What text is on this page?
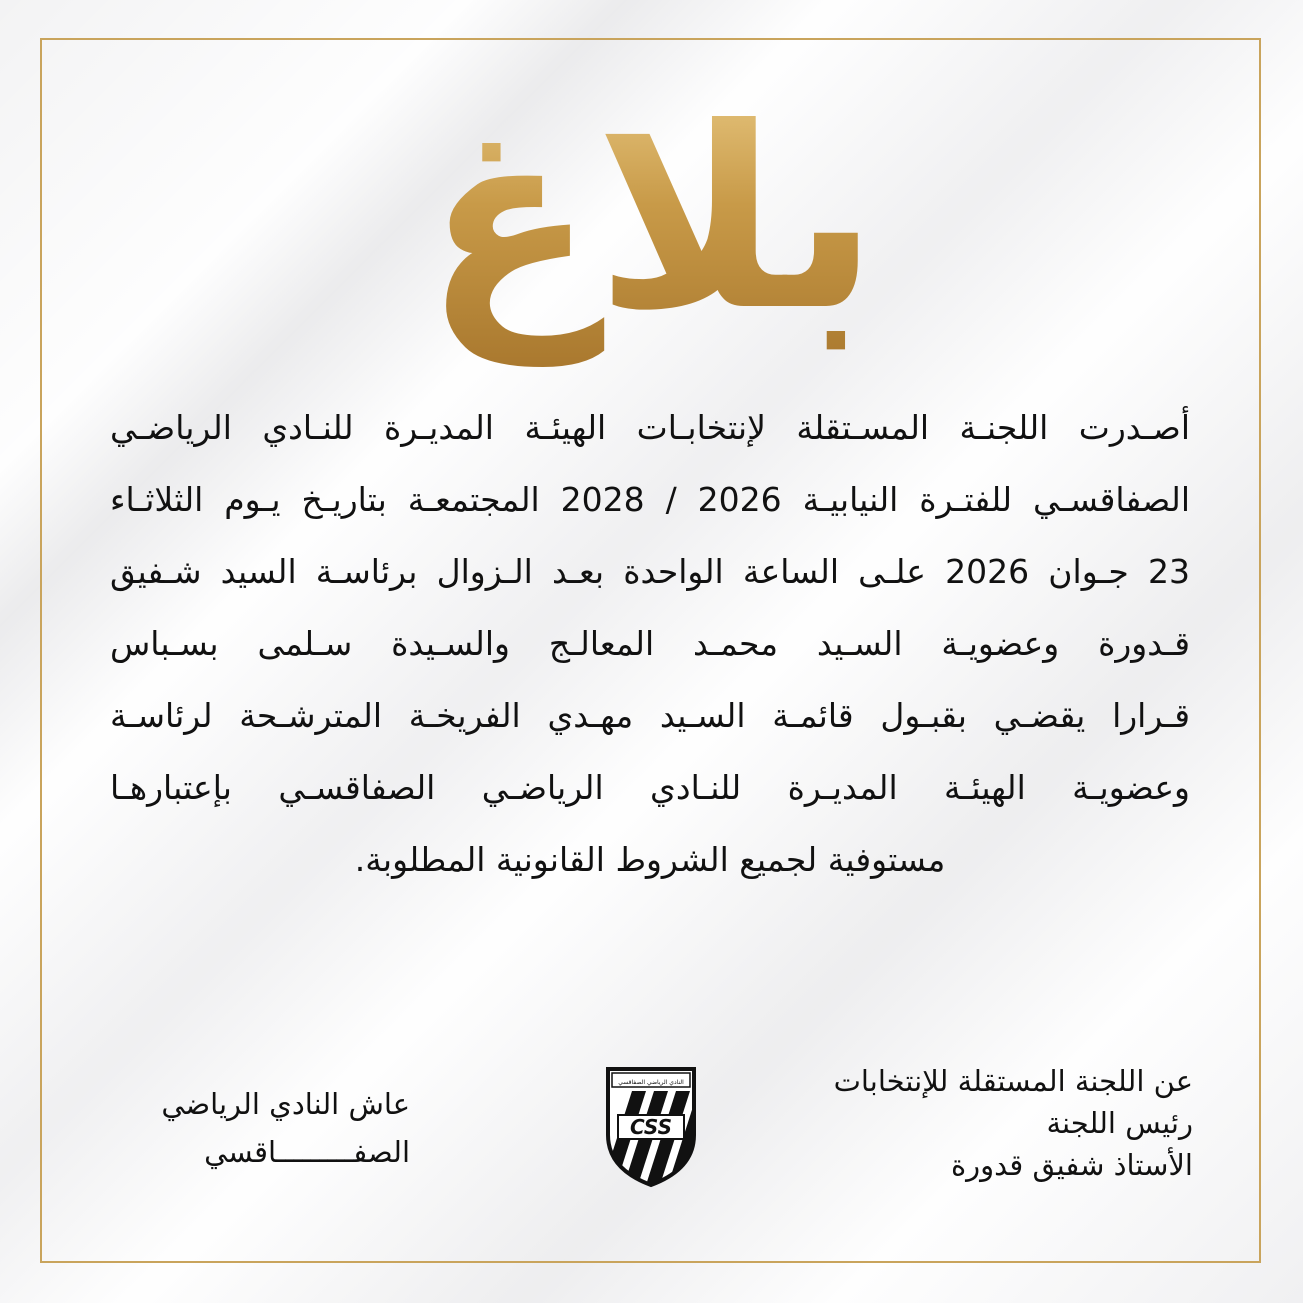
بلاغ
أصـدرت اللجنـة المسـتقلة لإنتخابـات الهيئـة المديـرة للنـادي الرياضـي
الصفاقسـي للفتـرة النيابيـة 2026 / 2028 المجتمعـة بتاريـخ يـوم الثلاثـاء
23 جـوان 2026 علـى الساعة الواحدة بعـد الـزوال برئاسـة السيد شـفيق
قـدورة وعضويـة السـيد محمـد المعالـج والسـيدة سـلمى بسـباس
قـرارا يقضـي بقبـول قائمـة السـيد مهـدي الفريخـة المترشـحة لرئاسـة
وعضويـة الهيئـة المديـرة للنـادي الرياضـي الصفاقسـي بإعتبارهـا
مستوفية لجميع الشروط القانونية المطلوبة.
عن اللجنة المستقلة للإنتخابات
رئيس اللجنة
الأستاذ شفيق قدورة
عاش النادي الرياضي
الصفـــــــــاقسي
CSS
النادي الرياضي الصفاقسي
